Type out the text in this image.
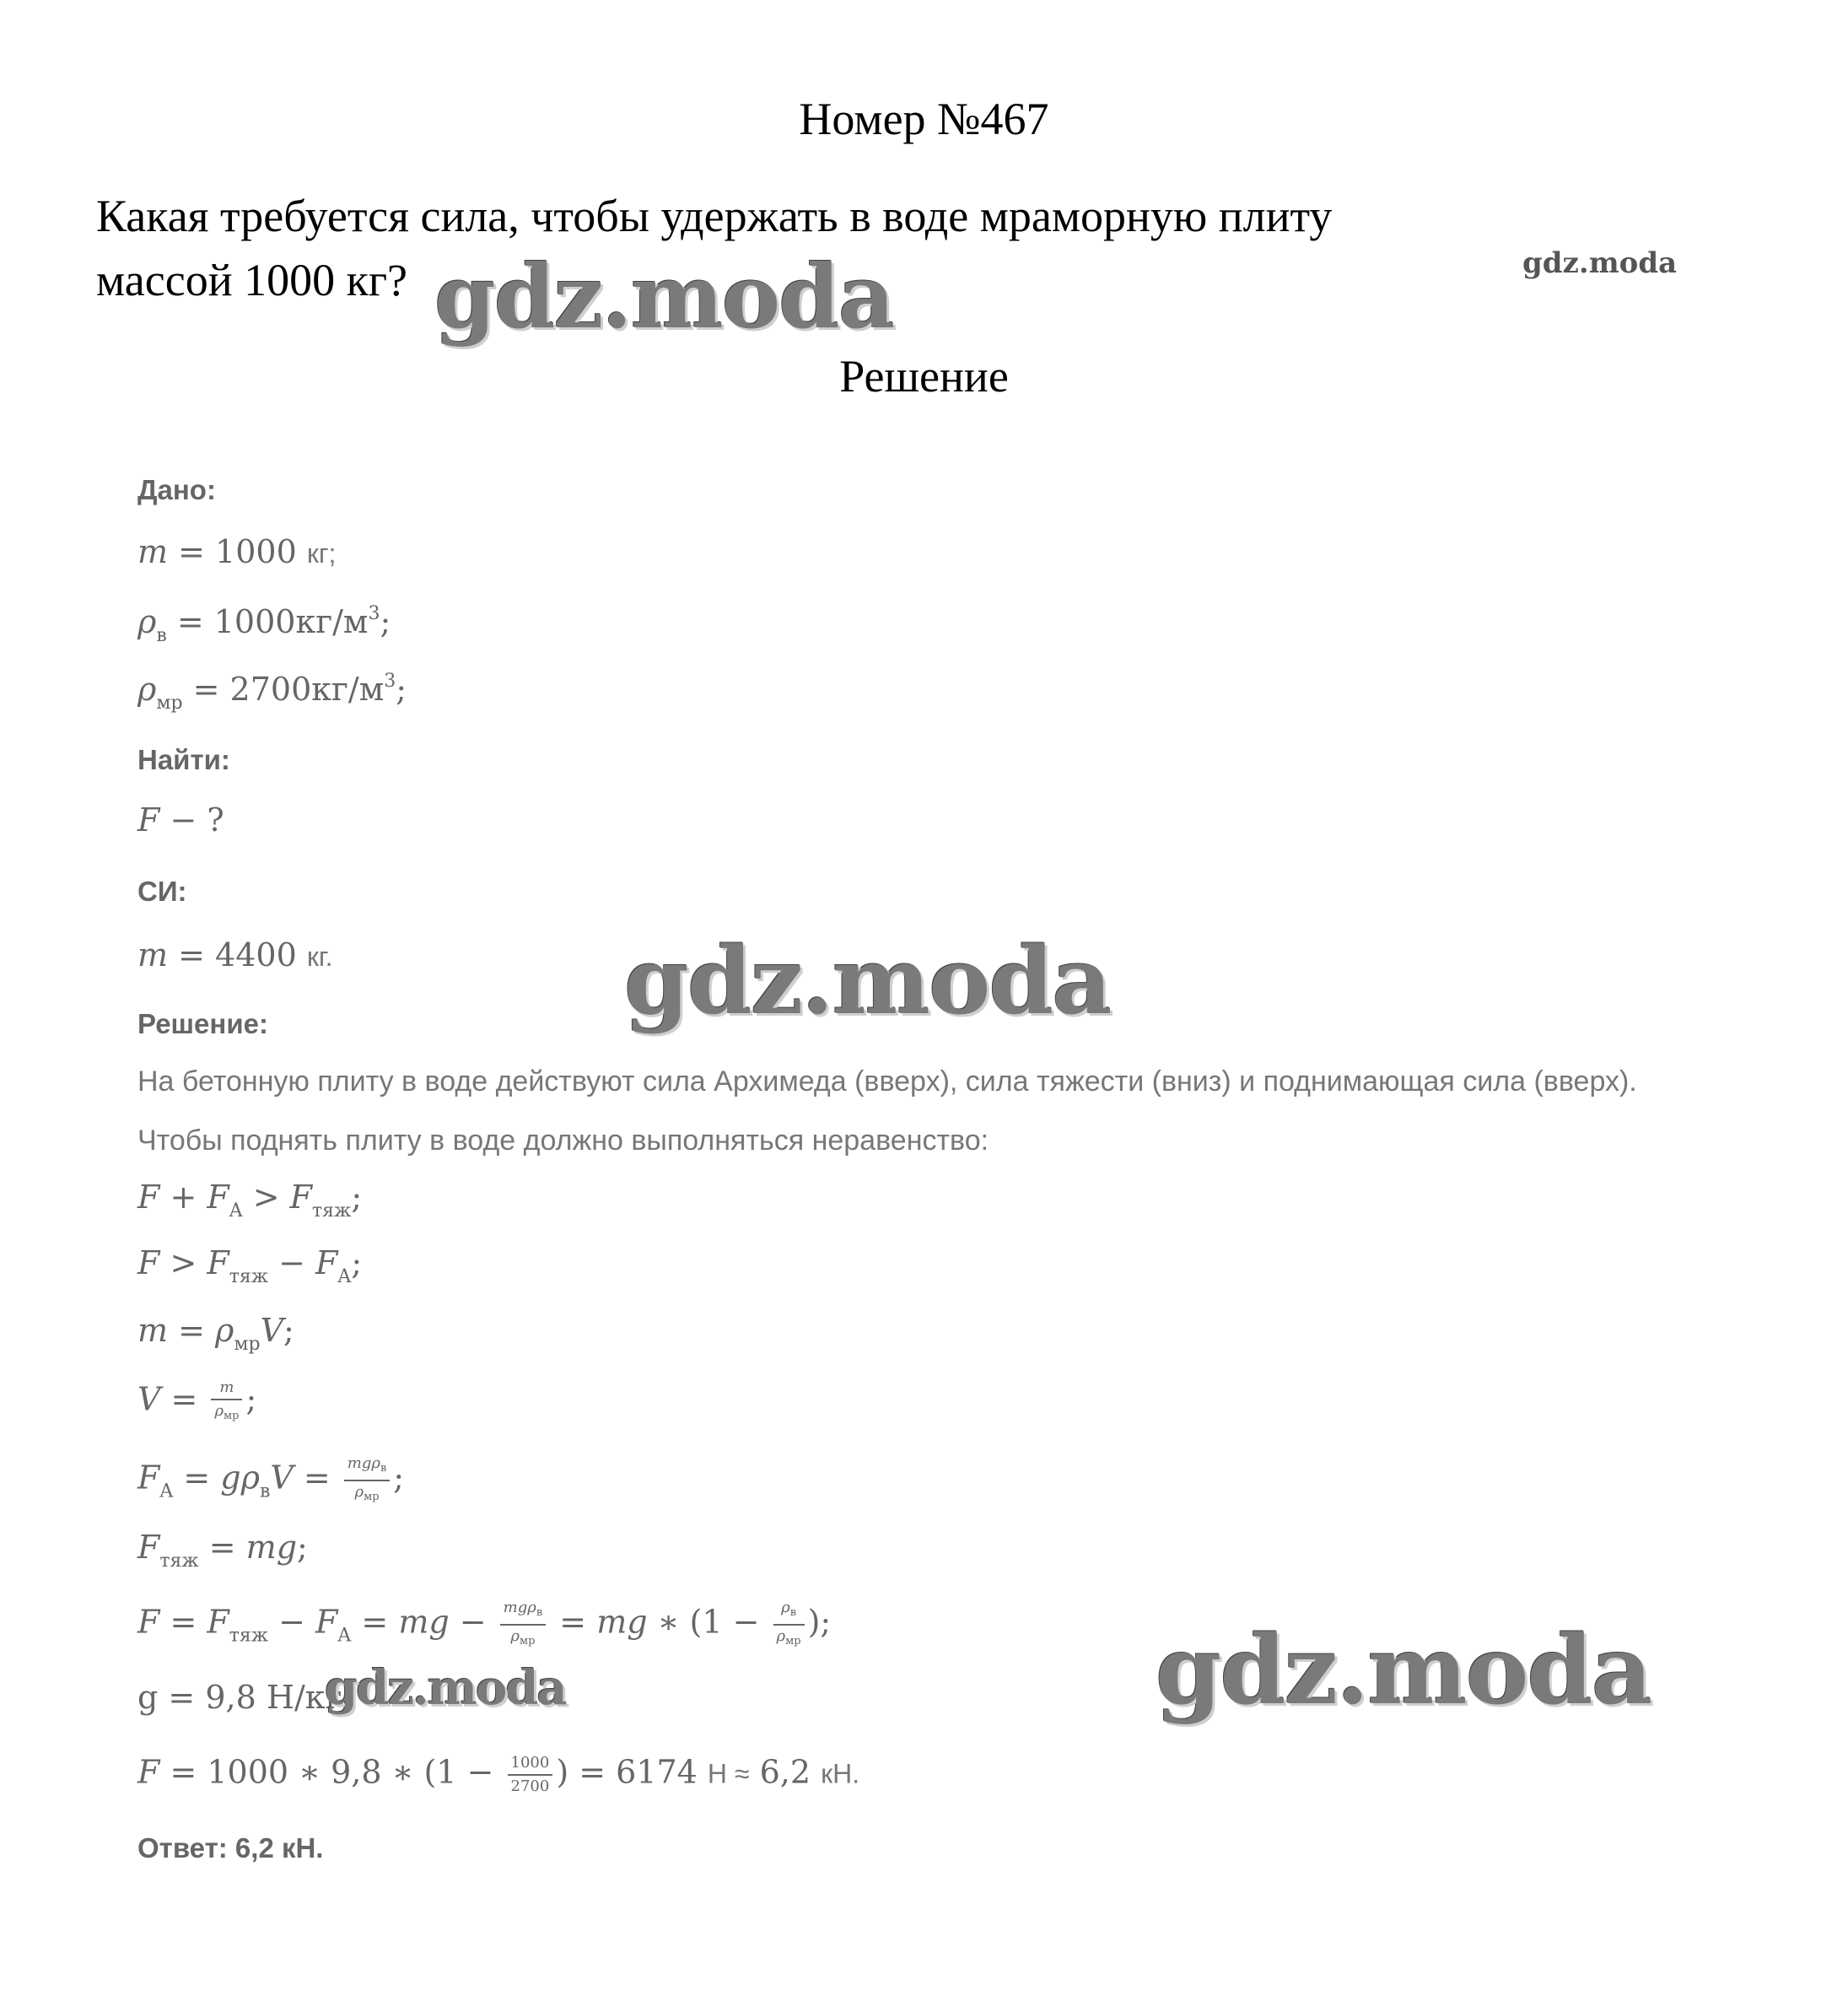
Номер №467
Какая требуется сила, чтобы удержать в воде мраморную плиту
массой 1000 кг?
Решение
Дано:
m = 1000 кг;
$\rho_в = 1000кг/м^3$;
$\rho_{мр} = 2700кг/м^3$;
Найти:
F − ?
СИ:
m = 4400 кг.
Решение:
На бетонную плиту в воде действуют сила Архимеда (вверх), сила тяжести (вниз) и поднимающая сила (вверх).
Чтобы поднять плиту в воде должно выполняться неравенство:
$F + F_A > F_{тяж}$;
$F > F_{тяж} - F_A$;
$m = \rho_{мр}V$;
$V = \frac{m}{\rho_{мр}}$ ;
$F_A = g\rho_вV = \frac{mg\rho_в}{\rho_{мр}}$ ;
$F_{тяж}$ = mg;
$F = F_{тяж} - F_A$ = mg − $\frac{mg\rho_в}{\rho_{мр}}$ = mg ∗ ($1 - \frac{\rho_в}{\rho_{мр}}$ );
g = 9,8 Н/кг;
F = 1000 ∗ 9,8 ∗ ($1 - \frac{1000}{2700}$ ) = 6174 Н ≈ 6,2 кН.
Ответ: 6,2 кН.
gdz.moda	gdz.moda
gdz.moda
gdz.moda	gdz.moda
